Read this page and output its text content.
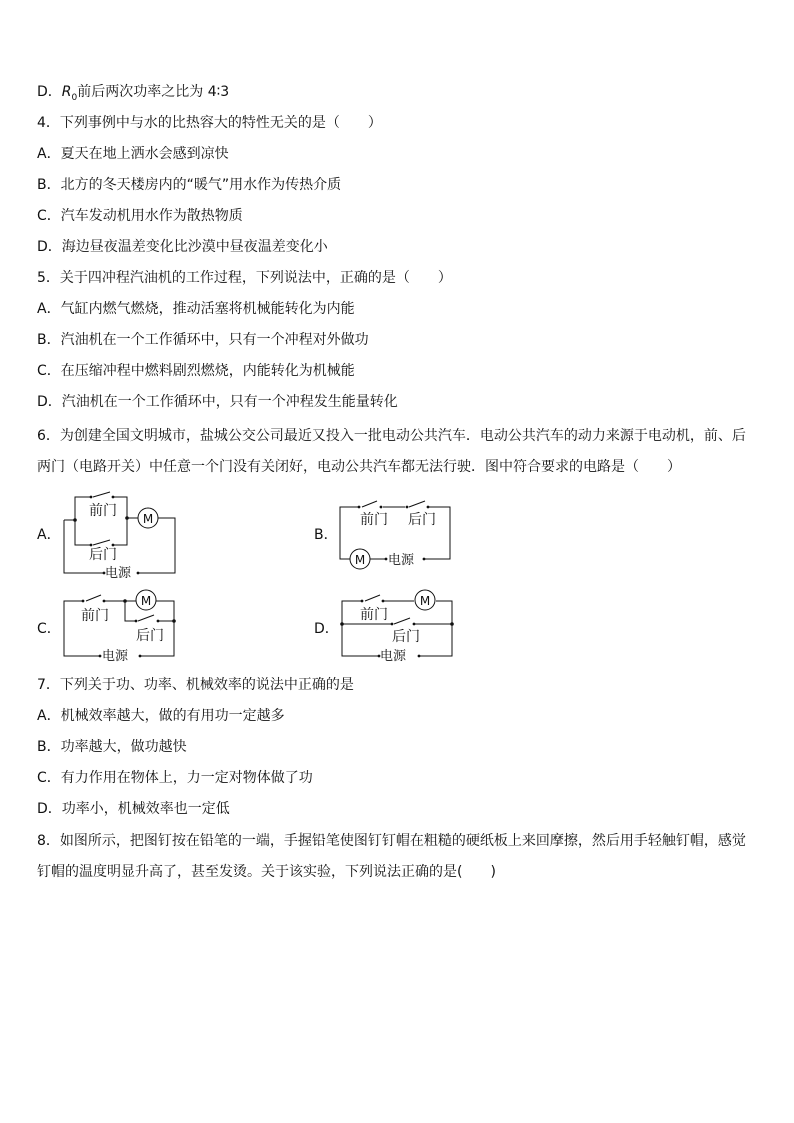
D．$R_0$前后两次功率之比为 4∶3
4．下列事例中与水的比热容大的特性无关的是（　　）
A．夏天在地上洒水会感到凉快
B．北方的冬天楼房内的“暖气”用水作为传热介质
C．汽车发动机用水作为散热物质
D．海边昼夜温差变化比沙漠中昼夜温差变化小
5．关于四冲程汽油机的工作过程，下列说法中，正确的是（　　）
A．气缸内燃气燃烧，推动活塞将机械能转化为内能
B．汽油机在一个工作循环中，只有一个冲程对外做功
C．在压缩冲程中燃料剧烈燃烧，内能转化为机械能
D．汽油机在一个工作循环中，只有一个冲程发生能量转化
6．为创建全国文明城市，盐城公交公司最近又投入一批电动公共汽车．电动公共汽车的动力来源于电动机，前、后两门（电路开关）中任意一个门没有关闭好，电动公共汽车都无法行驶．图中符合要求的电路是（　　）
A．
M
前门
后门
电源
B．
M
前门 后门
电源
C．
M
前门
后门
电源
D．
M
前门
后门
电源
7．下列关于功、功率、机械效率的说法中正确的是
A．机械效率越大，做的有用功一定越多
B．功率越大，做功越快
C．有力作用在物体上，力一定对物体做了功
D．功率小，机械效率也一定低
8．如图所示，把图钉按在铅笔的一端，手握铅笔使图钉钉帽在粗糙的硬纸板上来回摩擦，然后用手轻触钉帽，感觉钉帽的温度明显升高了，甚至发烫。关于该实验，下列说法正确的是(　　)
